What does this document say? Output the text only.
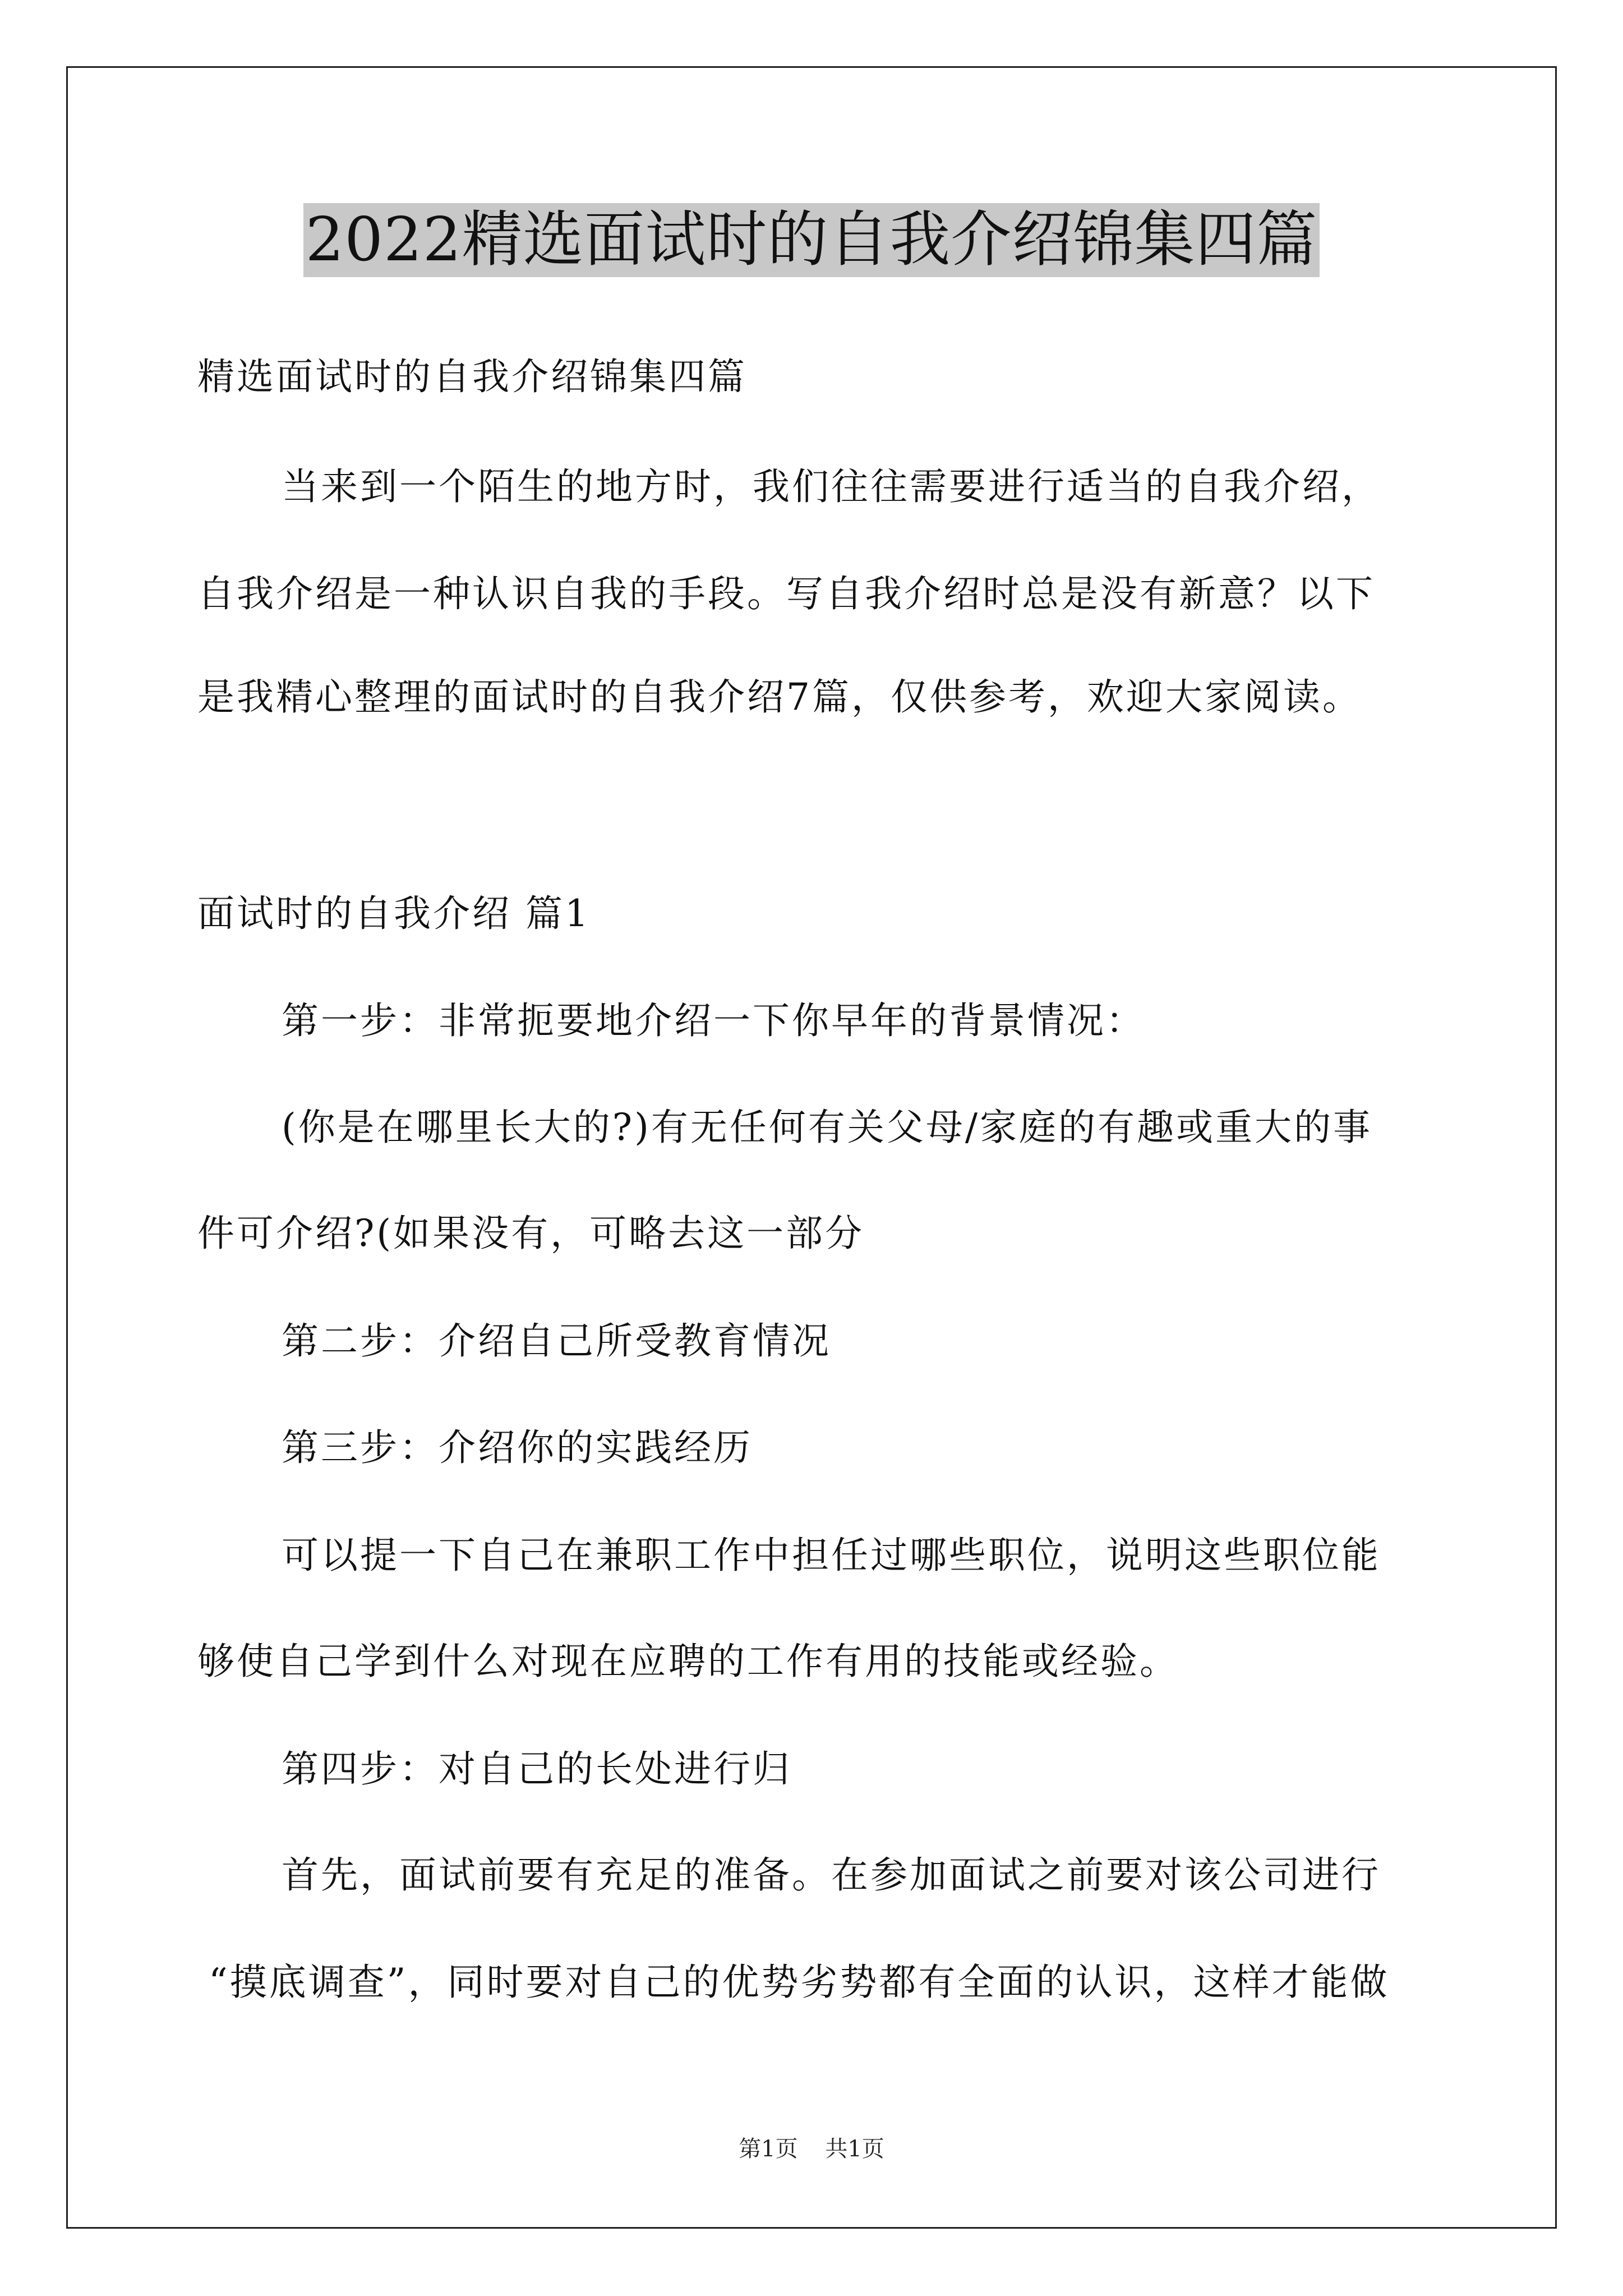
2022精选面试时的自我介绍锦集四篇
精选面试时的自我介绍锦集四篇
当来到一个陌生的地方时，我们往往需要进行适当的自我介绍，
自我介绍是一种认识自我的手段。写自我介绍时总是没有新意？以下
是我精心整理的面试时的自我介绍7篇，仅供参考，欢迎大家阅读。
面试时的自我介绍 篇1
第一步：非常扼要地介绍一下你早年的背景情况：
(你是在哪里长大的?)有无任何有关父母/家庭的有趣或重大的事
件可介绍?(如果没有，可略去这一部分
第二步：介绍自己所受教育情况
第三步：介绍你的实践经历
可以提一下自己在兼职工作中担任过哪些职位，说明这些职位能
够使自己学到什么对现在应聘的工作有用的技能或经验。
第四步：对自己的长处进行归
首先，面试前要有充足的准备。在参加面试之前要对该公司进行
“摸底调查”，同时要对自己的优势劣势都有全面的认识，这样才能做
第1页 共1页
